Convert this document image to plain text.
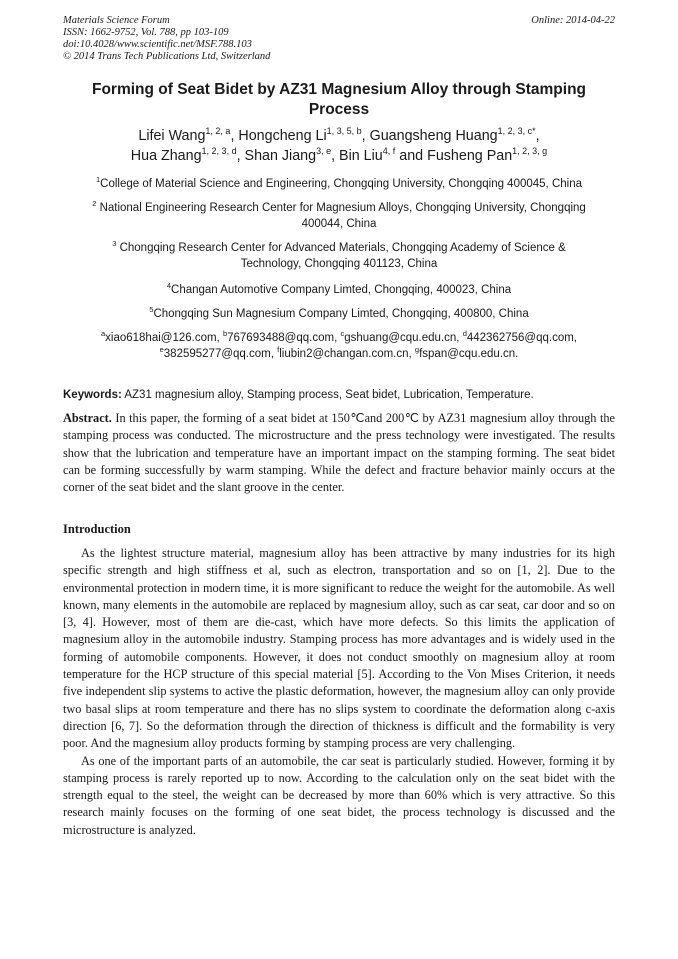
Materials Science Forum
ISSN: 1662-9752, Vol. 788, pp 103-109
doi:10.4028/www.scientific.net/MSF.788.103
© 2014 Trans Tech Publications Ltd, Switzerland
Online: 2014-04-22
Forming of Seat Bidet by AZ31 Magnesium Alloy through Stamping Process
Lifei Wang$^{1, 2, a}$, Hongcheng Li$^{1, 3, 5, b}$, Guangsheng Huang$^{1, 2, 3, c*}$,
Hua Zhang$^{1, 2, 3, d}$, Shan Jiang$^{3, e}$, Bin Liu$^{4, f}$ and Fusheng Pan$^{1, 2, 3, g}$
$^1$College of Material Science and Engineering, Chongqing University, Chongqing 400045, China
$^2$ National Engineering Research Center for Magnesium Alloys, Chongqing University, Chongqing 400044, China
$^3$ Chongqing Research Center for Advanced Materials, Chongqing Academy of Science & Technology, Chongqing 401123, China
$^4$Changan Automotive Company Limted, Chongqing, 400023, China
$^5$Chongqing Sun Magnesium Company Limted, Chongqing, 400800, China
$^a$xiao618hai@126.com, $^b$767693488@qq.com, $^c$gshuang@cqu.edu.cn, $^d$442362756@qq.com,
$^e$382595277@qq.com, $^f$liubin2@changan.com.cn, $^g$fspan@cqu.edu.cn.
Keywords: AZ31 magnesium alloy, Stamping process, Seat bidet, Lubrication, Temperature.
Abstract. In this paper, the forming of a seat bidet at 150℃and 200℃ by AZ31 magnesium alloy through the stamping process was conducted. The microstructure and the press technology were investigated. The results show that the lubrication and temperature have an important impact on the stamping forming. The seat bidet can be forming successfully by warm stamping. While the defect and fracture behavior mainly occurs at the corner of the seat bidet and the slant groove in the center.
Introduction

As the lightest structure material, magnesium alloy has been attractive by many industries for its high specific strength and high stiffness et al, such as electron, transportation and so on [1, 2]. Due to the environmental protection in modern time, it is more significant to reduce the weight for the automobile. As well known, many elements in the automobile are replaced by magnesium alloy, such as car seat, car door and so on [3, 4]. However, most of them are die-cast, which have more defects. So this limits the application of magnesium alloy in the automobile industry. Stamping process has more advantages and is widely used in the forming of automobile components. However, it does not conduct smoothly on magnesium alloy at room temperature for the HCP structure of this special material [5]. According to the Von Mises Criterion, it needs five independent slip systems to active the plastic deformation, however, the magnesium alloy can only provide two basal slips at room temperature and there has no slips system to coordinate the deformation along c-axis direction [6, 7]. So the deformation through the direction of thickness is difficult and the formability is very poor. And the magnesium alloy products forming by stamping process are very challenging.

As one of the important parts of an automobile, the car seat is particularly studied. However, forming it by stamping process is rarely reported up to now. According to the calculation only on the seat bidet with the strength equal to the steel, the weight can be decreased by more than 60% which is very attractive. So this research mainly focuses on the forming of one seat bidet, the process technology is discussed and the microstructure is analyzed.
